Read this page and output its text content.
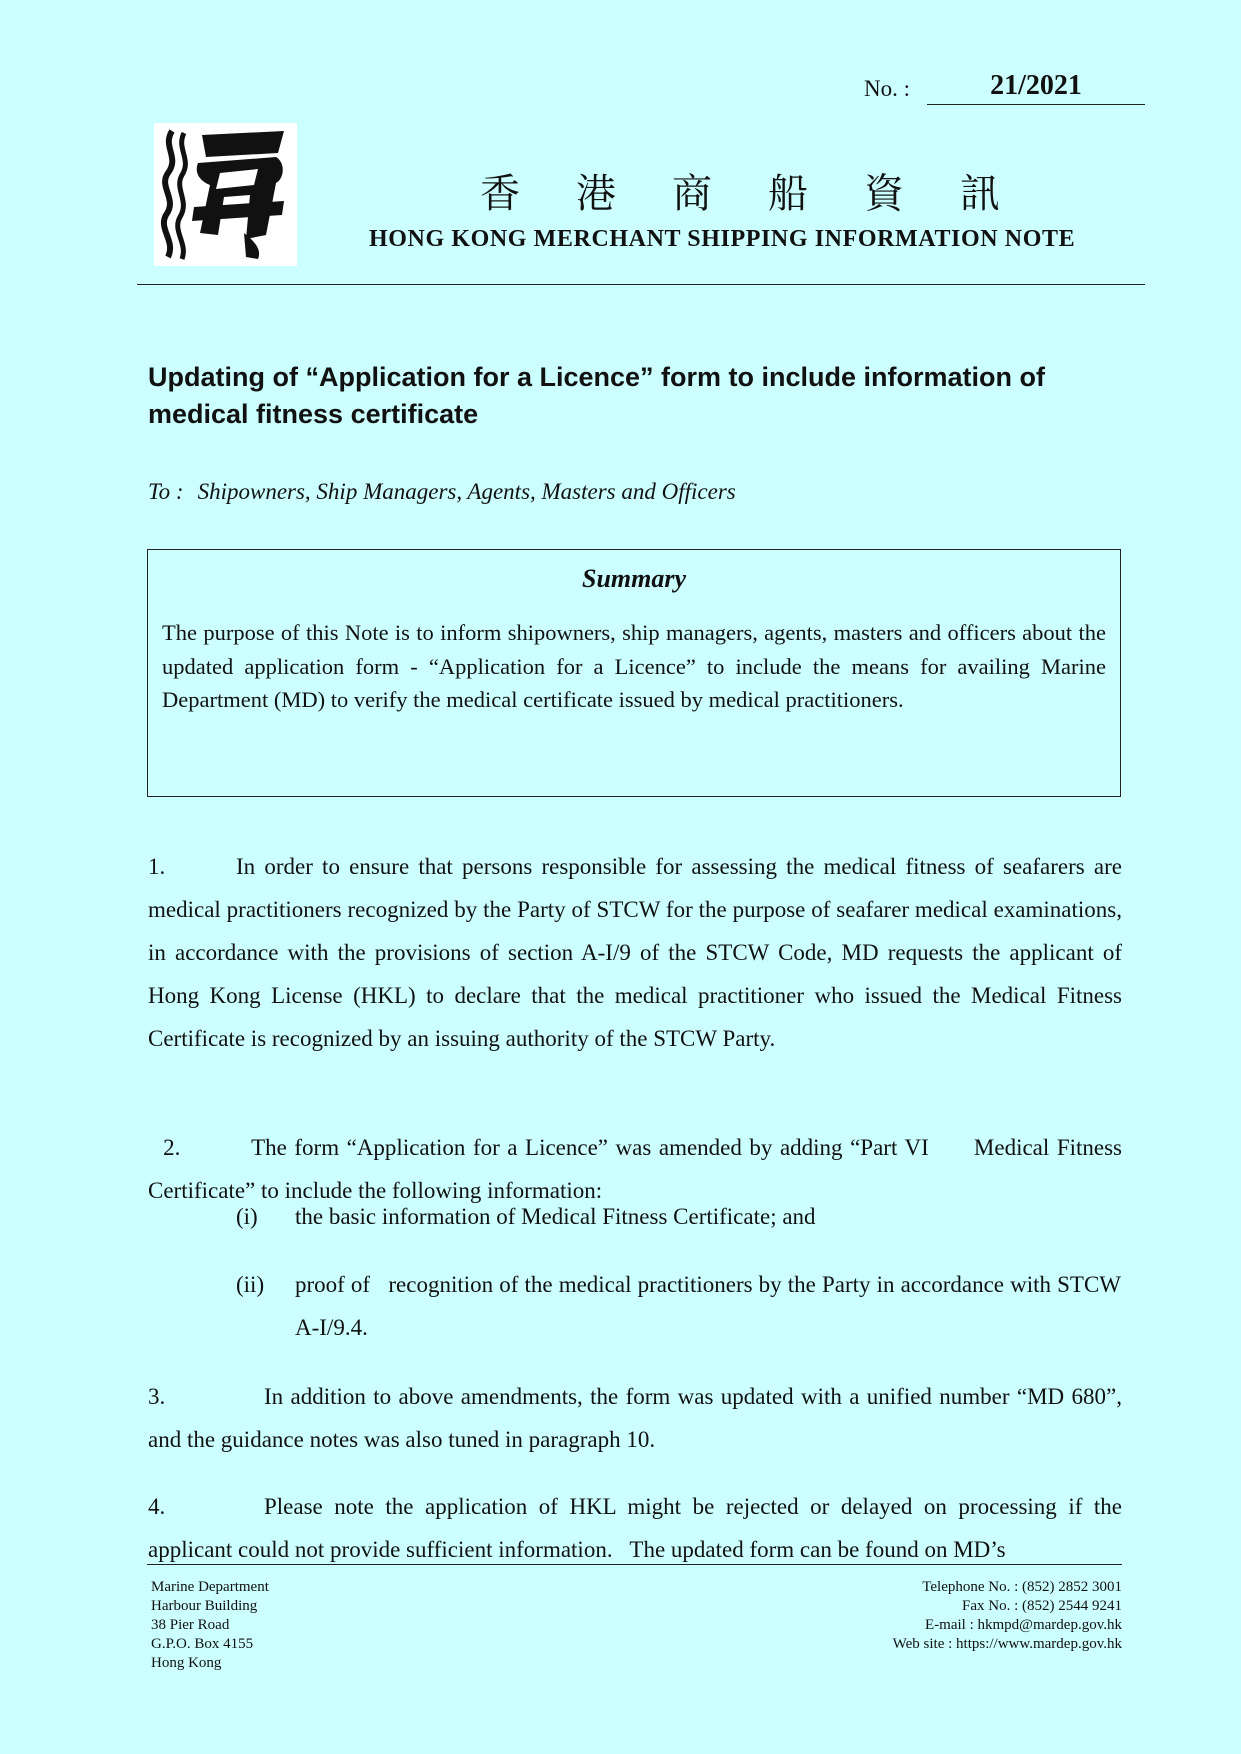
No. :	21/2021
香港商船資訊
HONG KONG MERCHANT SHIPPING INFORMATION NOTE
Updating of “Application for a Licence” form to include information of medical fitness certificate
To : Shipowners, Ship Managers, Agents, Masters and Officers
Summary
The purpose of this Note is to inform shipowners, ship managers, agents, masters and officers about the updated application form - “Application for a Licence” to include the means for availing Marine Department (MD) to verify the medical certificate issued by medical practitioners.
1.	In order to ensure that persons responsible for assessing the medical fitness of seafarers are medical practitioners recognized by the Party of STCW for the purpose of seafarer medical examinations, in accordance with the provisions of section A-I/9 of the STCW Code, MD requests the applicant of Hong Kong License (HKL) to declare that the medical practitioner who issued the Medical Fitness Certificate is recognized by an issuing authority of the STCW Party.

2.	The form “Application for a Licence” was amended by adding “Part VI      Medical Fitness Certificate” to include the following information:

(i) the basic information of Medical Fitness Certificate; and
(ii) proof of   recognition of the medical practitioners by the Party in accordance with STCW A-I/9.4.
3.	In addition to above amendments, the form was updated with a unified number “MD 680”, and the guidance notes was also tuned in paragraph 10.
4.	Please note the application of HKL might be rejected or delayed on processing if the applicant could not provide sufficient information.   The updated form can be found on MD’s
Marine Department
Harbour Building
38 Pier Road
G.P.O. Box 4155
Hong Kong
Telephone No. : (852) 2852 3001
Fax No. : (852) 2544 9241
E-mail : hkmpd@mardep.gov.hk
Web site : https://www.mardep.gov.hk
